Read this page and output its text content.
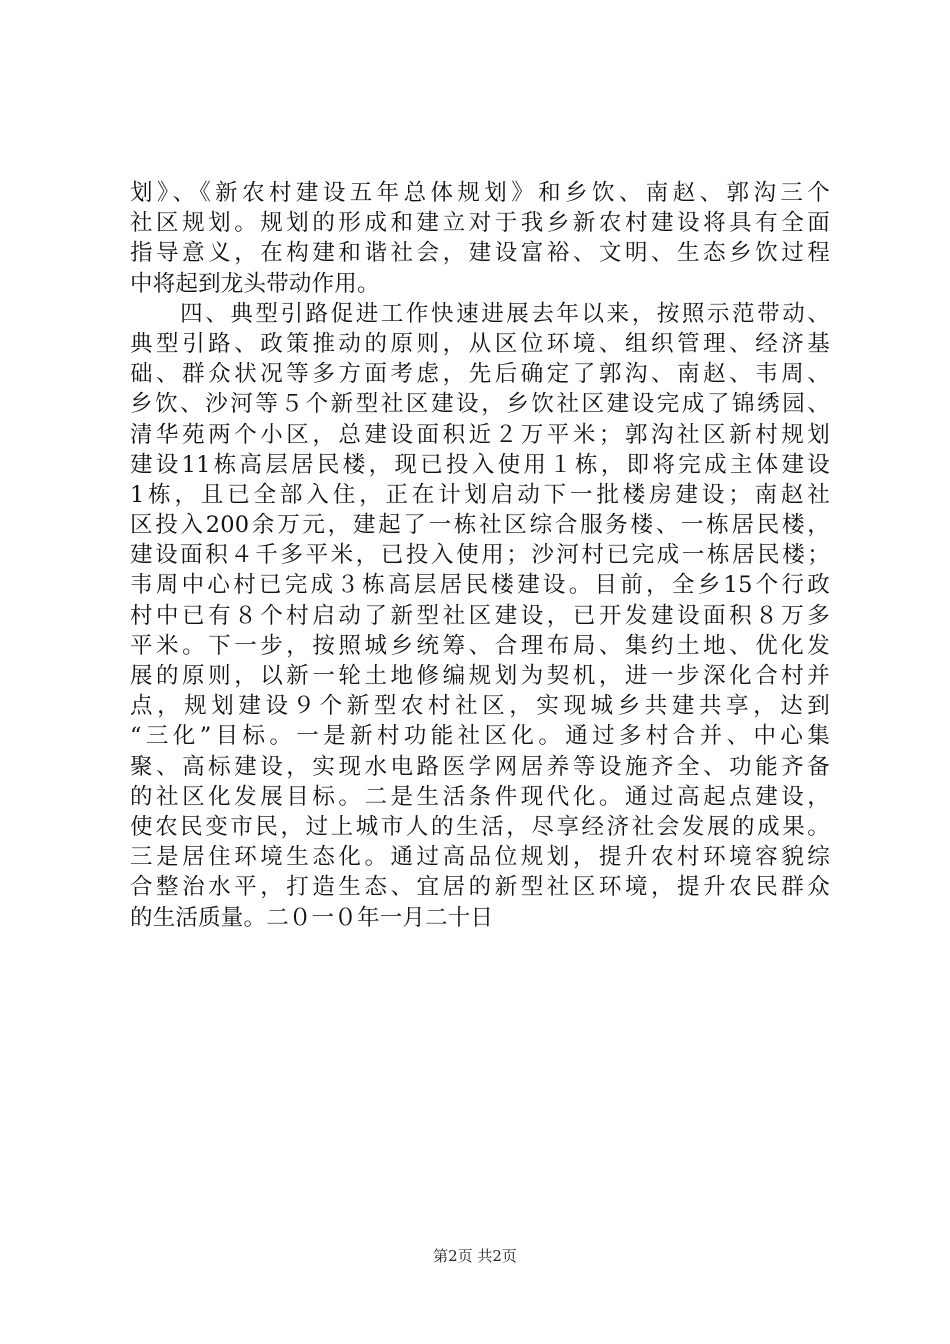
划》、《新农村建设五年总体规划》和乡饮、南赵、郭沟三个
社区规划。规划的形成和建立对于我乡新农村建设将具有全面
指导意义，在构建和谐社会，建设富裕、文明、生态乡饮过程
中将起到龙头带动作用。
　　四、典型引路促进工作快速进展去年以来，按照示范带动、
典型引路、政策推动的原则，从区位环境、组织管理、经济基
础、群众状况等多方面考虑，先后确定了郭沟、南赵、韦周、
乡饮、沙河等５个新型社区建设，乡饮社区建设完成了锦绣园、
清华苑两个小区，总建设面积近２万平米；郭沟社区新村规划
建设11栋高层居民楼，现已投入使用１栋，即将完成主体建设
1栋，且已全部入住，正在计划启动下一批楼房建设；南赵社
区投入200余万元，建起了一栋社区综合服务楼、一栋居民楼，
建设面积４千多平米，已投入使用；沙河村已完成一栋居民楼；
韦周中心村已完成３栋高层居民楼建设。目前，全乡15个行政
村中已有８个村启动了新型社区建设，已开发建设面积８万多
平米。下一步，按照城乡统筹、合理布局、集约土地、优化发
展的原则，以新一轮土地修编规划为契机，进一步深化合村并
点，规划建设９个新型农村社区，实现城乡共建共享，达到
“三化”目标。一是新村功能社区化。通过多村合并、中心集
聚、高标建设，实现水电路医学网居养等设施齐全、功能齐备
的社区化发展目标。二是生活条件现代化。通过高起点建设，
使农民变市民，过上城市人的生活，尽享经济社会发展的成果。
三是居住环境生态化。通过高品位规划，提升农村环境容貌综
合整治水平，打造生态、宜居的新型社区环境，提升农民群众
的生活质量。二０一０年一月二十日
第2页 共2页
